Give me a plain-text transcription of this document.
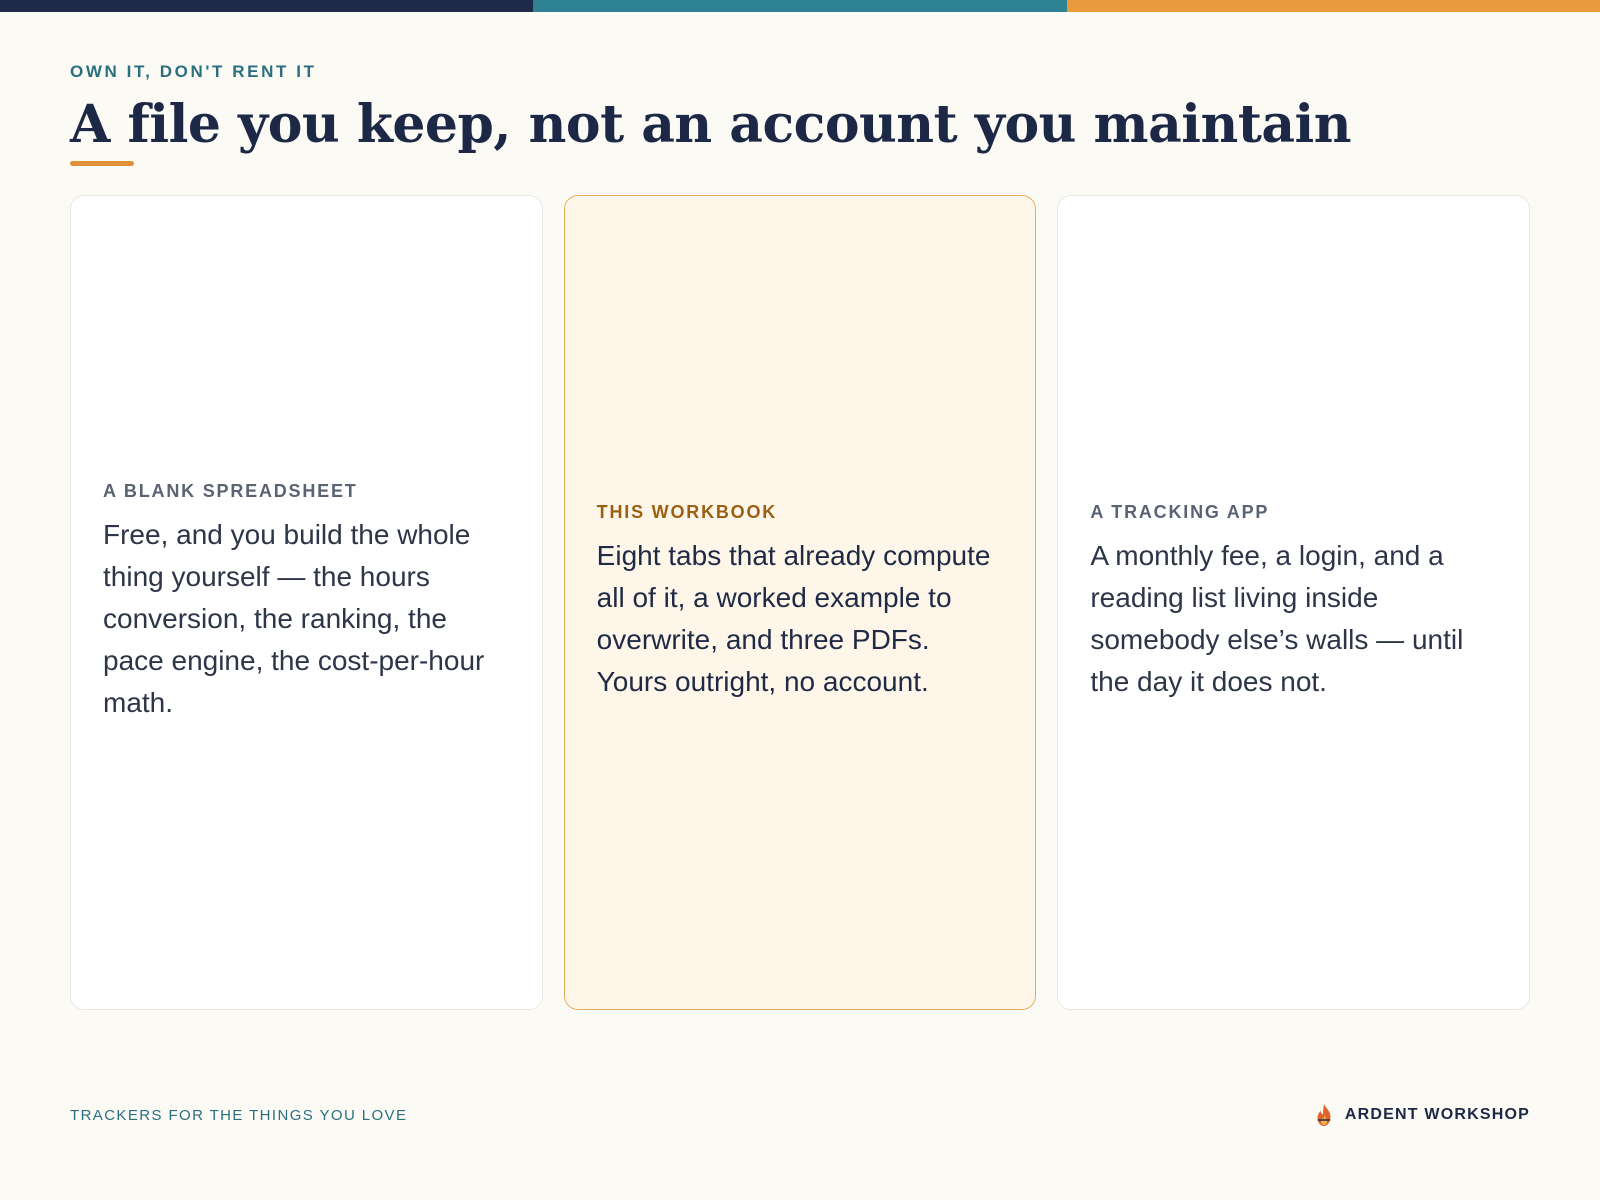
OWN IT, DON'T RENT IT
A file you keep, not an account you maintain
A BLANK SPREADSHEET

Free, and you build the whole thing yourself — the hours conversion, the ranking, the pace engine, the cost-per-hour math.

THIS WORKBOOK

Eight tabs that already compute all of it, a worked example to overwrite, and three PDFs. Yours outright, no account.

A TRACKING APP

A monthly fee, a login, and a reading list living inside somebody else’s walls — until the day it does not.

TRACKERS FOR THE THINGS YOU LOVE	ARDENT WORKSHOP
